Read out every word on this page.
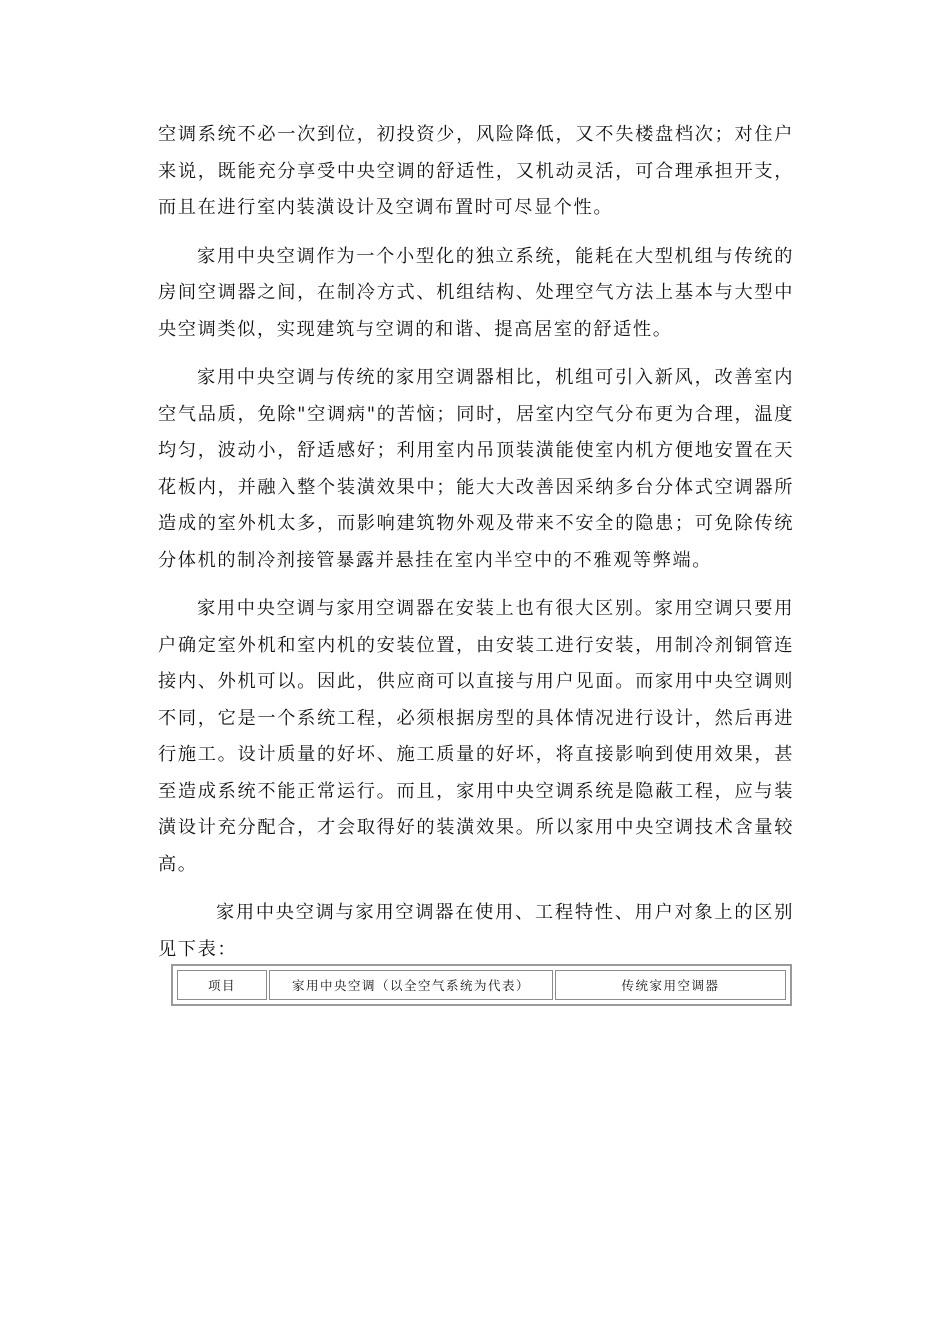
空调系统不必一次到位，初投资少，风险降低，又不失楼盘档次；对住户来说，既能充分享受中央空调的舒适性，又机动灵活，可合理承担开支，而且在进行室内装潢设计及空调布置时可尽显个性。

家用中央空调作为一个小型化的独立系统，能耗在大型机组与传统的房间空调器之间，在制冷方式、机组结构、处理空气方法上基本与大型中央空调类似，实现建筑与空调的和谐、提高居室的舒适性。

家用中央空调与传统的家用空调器相比，机组可引入新风，改善室内空气品质，免除"空调病"的苦恼；同时，居室内空气分布更为合理，温度均匀，波动小，舒适感好；利用室内吊顶装潢能使室内机方便地安置在天花板内，并融入整个装潢效果中；能大大改善因采纳多台分体式空调器所造成的室外机太多，而影响建筑物外观及带来不安全的隐患；可免除传统分体机的制冷剂接管暴露并悬挂在室内半空中的不雅观等弊端。

家用中央空调与家用空调器在安装上也有很大区别。家用空调只要用户确定室外机和室内机的安装位置，由安装工进行安装，用制冷剂铜管连接内、外机可以。因此，供应商可以直接与用户见面。而家用中央空调则不同，它是一个系统工程，必须根据房型的具体情况进行设计，然后再进行施工。设计质量的好坏、施工质量的好坏，将直接影响到使用效果，甚至造成系统不能正常运行。而且，家用中央空调系统是隐蔽工程，应与装潢设计充分配合，才会取得好的装潢效果。所以家用中央空调技术含量较高。

家用中央空调与家用空调器在使用、工程特性、用户对象上的区别见下表：

项目	家用中央空调（以全空气系统为代表）	传统家用空调器
